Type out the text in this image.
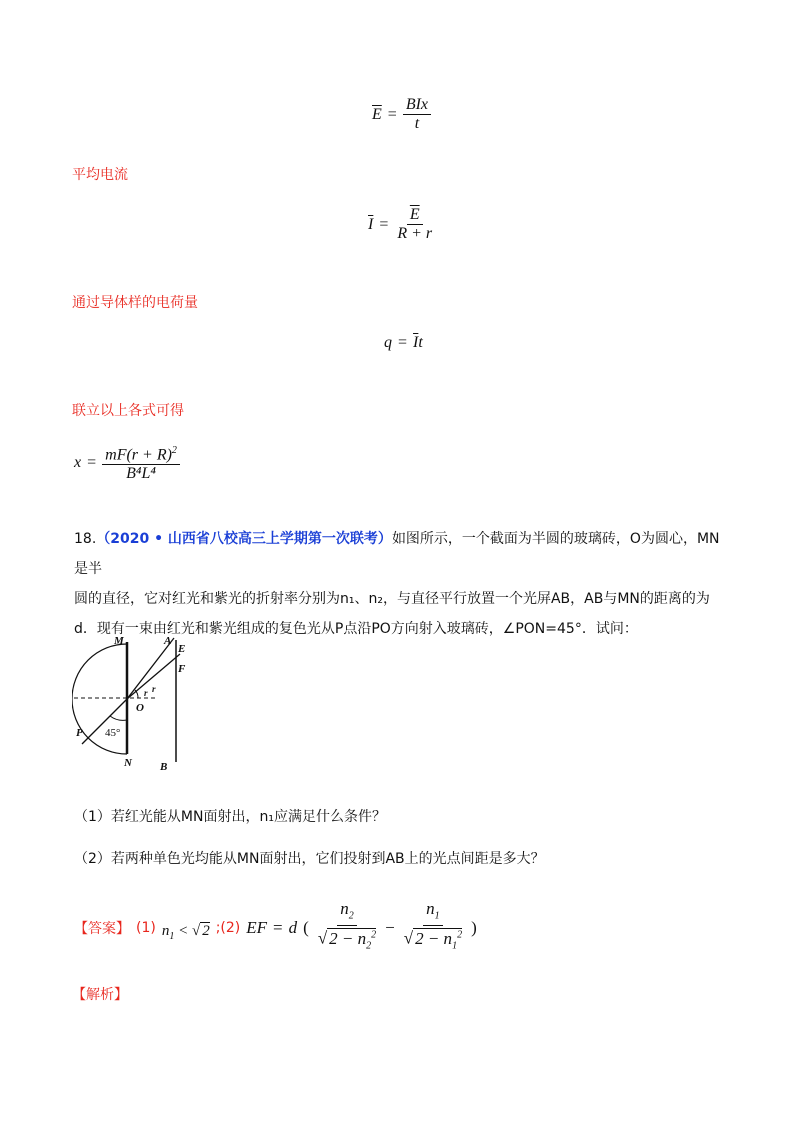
$\overline{E} = \frac{\text{BIx}}{t}$
平均电流
$\overline{I} = \frac{\overline{E}}{R + r}$
通过导体样的电荷量
$q = \overline{I}t$
联立以上各式可得
$x = \frac{mF(r + R)^2}{\text{B⁴L⁴}}$
18.（2020 • 山西省八校高三上学期第一次联考）如图所示，一个截面为半圆的玻璃砖，O为圆心，MN是半
圆的直径，它对红光和紫光的折射率分别为n₁、n₂，与直径平行放置一个光屏AB，AB与MN的距离的为
d．现有一束由红光和紫光组成的复色光从P点沿PO方向射入玻璃砖，∠PON=45°．试问：
M
N
O
P
A
E
F
B
r r
45°
（1）若红光能从MN面射出，n₁应满足什么条件？
（2）若两种单色光均能从MN面射出，它们投射到AB上的光点间距是多大？
【答案】 (1) $n_1$ < √ 2 ;(2) EF = d ( $\frac{n_2}{√ 2 - n_2^2} - \frac{n_1}{√ 2 - n_1^2}$ )
【解析】
